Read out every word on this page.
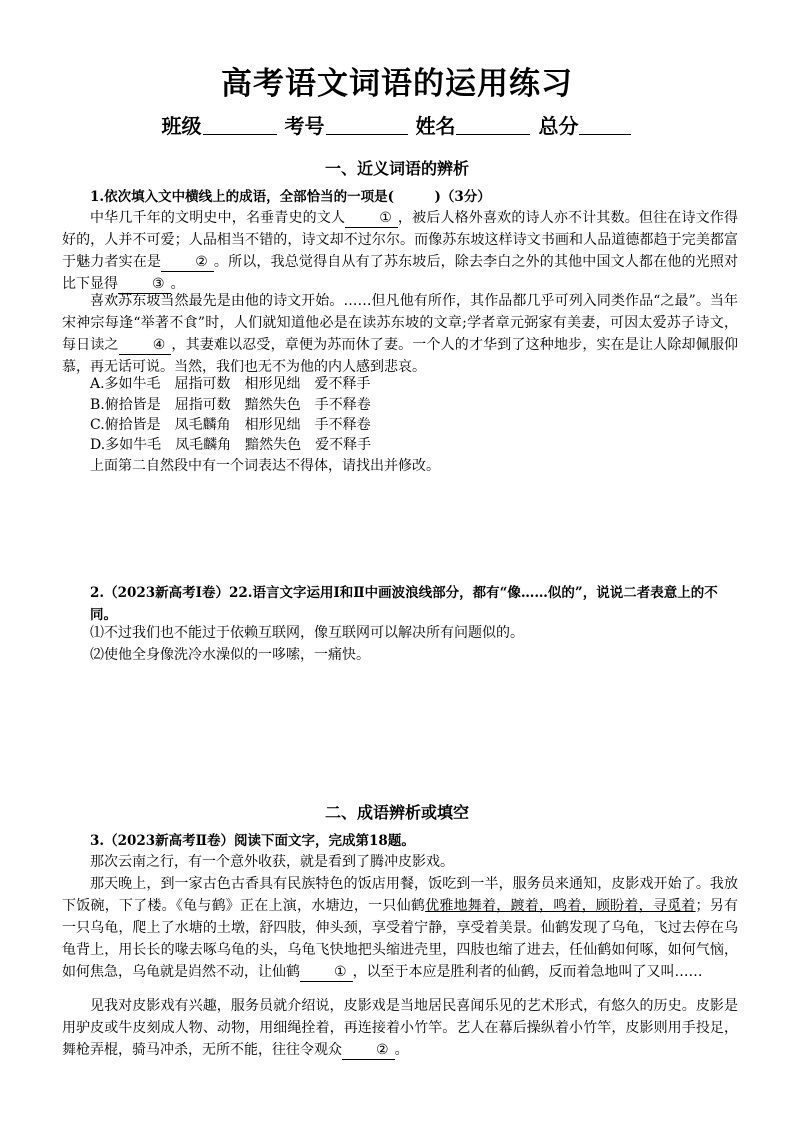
高考语文词语的运用练习
班级	考号	姓名	总分
一、近义词语的辨析
1.依次填入文中横线上的成语，全部恰当的一项是(　　　)（3分）
中华几千年的文明史中，名垂青史的文人 ① ，被后人格外喜欢的诗人亦不计其数。但往在诗文作得好的，人并不可爱；人品相当不错的，诗文却不过尔尔。而像苏东坡这样诗文书画和人品道德都趋于完美都富于魅力者实在是 ② 。所以，我总觉得自从有了苏东坡后，除去李白之外的其他中国文人都在他的光照对比下显得 ③ 。
喜欢苏东坡当然最先是由他的诗文开始。……但凡他有所作，其作品都几乎可列入同类作品“之最”。当年宋神宗每逢“举著不食”时，人们就知道他必是在读苏东坡的文章;学者章元弼家有美妻，可因太爱苏子诗文，每日读之 ④ ，其妻难以忍受，章便为苏而休了妻。一个人的才华到了这种地步，实在是让人除却佩服仰慕，再无话可说。当然，我们也无不为他的内人感到悲哀。
A.多如牛毛　屈指可数　相形见绌　爱不释手
B.俯拾皆是　屈指可数　黯然失色　手不释卷
C.俯拾皆是　凤毛麟角　相形见绌　手不释卷
D.多如牛毛　凤毛麟角　黯然失色　爱不释手
上面第二自然段中有一个词表达不得体，请找出并修改。
2.（2023新高考Ⅰ卷）22.语言文字运用Ⅰ和Ⅱ中画波浪线部分，都有“像……似的”，说说二者表意上的不同。
⑴不过我们也不能过于依赖互联网，像互联网可以解决所有问题似的。
⑵使他全身像洗冷水澡似的一哆嗦，一痛快。
二、成语辨析或填空
3.（2023新高考Ⅱ卷）阅读下面文字，完成第18题。
那次云南之行，有一个意外收获，就是看到了腾冲皮影戏。
那天晚上，到一家古色古香具有民族特色的饭店用餐，饭吃到一半，服务员来通知，皮影戏开始了。我放下饭碗，下了楼。《龟与鹤》正在上演，水塘边，一只仙鹤优雅地舞着，踱着，鸣着，顾盼着，寻觅着；另有一只乌龟，爬上了水塘的土墩，舒四肢，伸头颈，享受着宁静，享受着美景。仙鹤发现了乌龟，飞过去停在乌龟背上，用长长的喙去啄乌龟的头，乌龟飞快地把头缩进壳里，四肢也缩了进去，任仙鹤如何啄，如何气恼，如何焦急，乌龟就是岿然不动，让仙鹤 ① ，以至于本应是胜利者的仙鹤，反而着急地叫了又叫……
见我对皮影戏有兴趣，服务员就介绍说，皮影戏是当地居民喜闻乐见的艺术形式，有悠久的历史。皮影是用驴皮或牛皮刻成人物、动物，用细绳拴着，再连接着小竹竿。艺人在幕后操纵着小竹竿，皮影则用手投足，舞枪弄棍，骑马冲杀，无所不能，往往令观众 ② 。
